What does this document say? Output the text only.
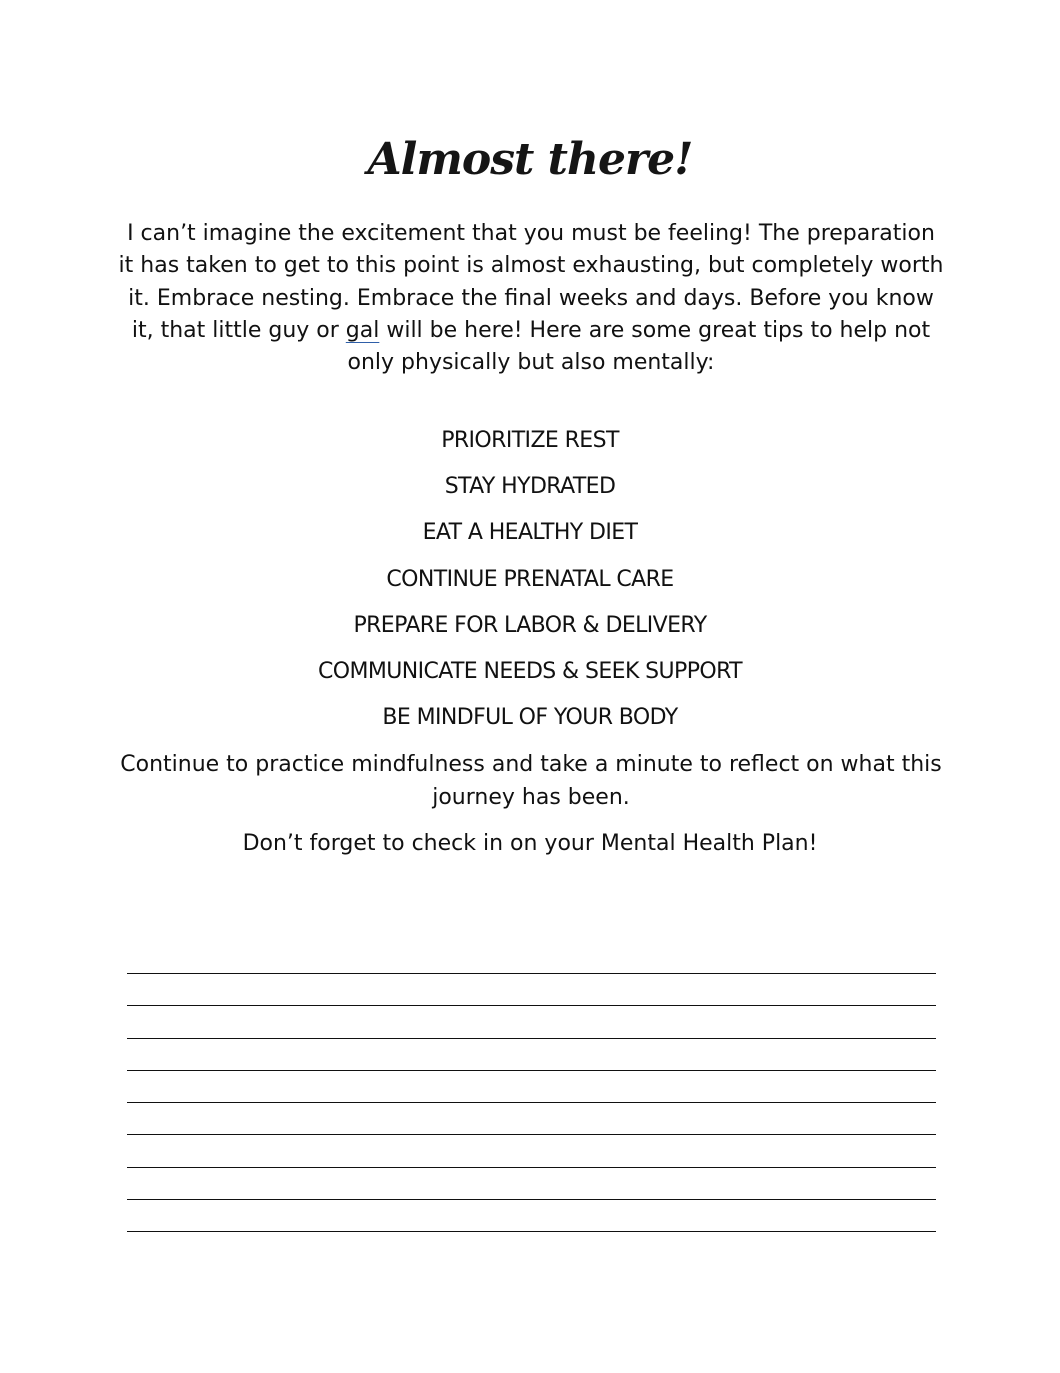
Almost there!

I can’t imagine the excitement that you must be feeling! The preparation it has taken to get to this point is almost exhausting, but completely worth it. Embrace nesting. Embrace the final weeks and days. Before you know it, that little guy or gal will be here! Here are some great tips to help not only physically but also mentally:

PRIORITIZE REST
STAY HYDRATED
EAT A HEALTHY DIET
CONTINUE PRENATAL CARE
PREPARE FOR LABOR & DELIVERY
COMMUNICATE NEEDS & SEEK SUPPORT
BE MINDFUL OF YOUR BODY

Continue to practice mindfulness and take a minute to reflect on what this journey has been.

Don’t forget to check in on your Mental Health Plan!
